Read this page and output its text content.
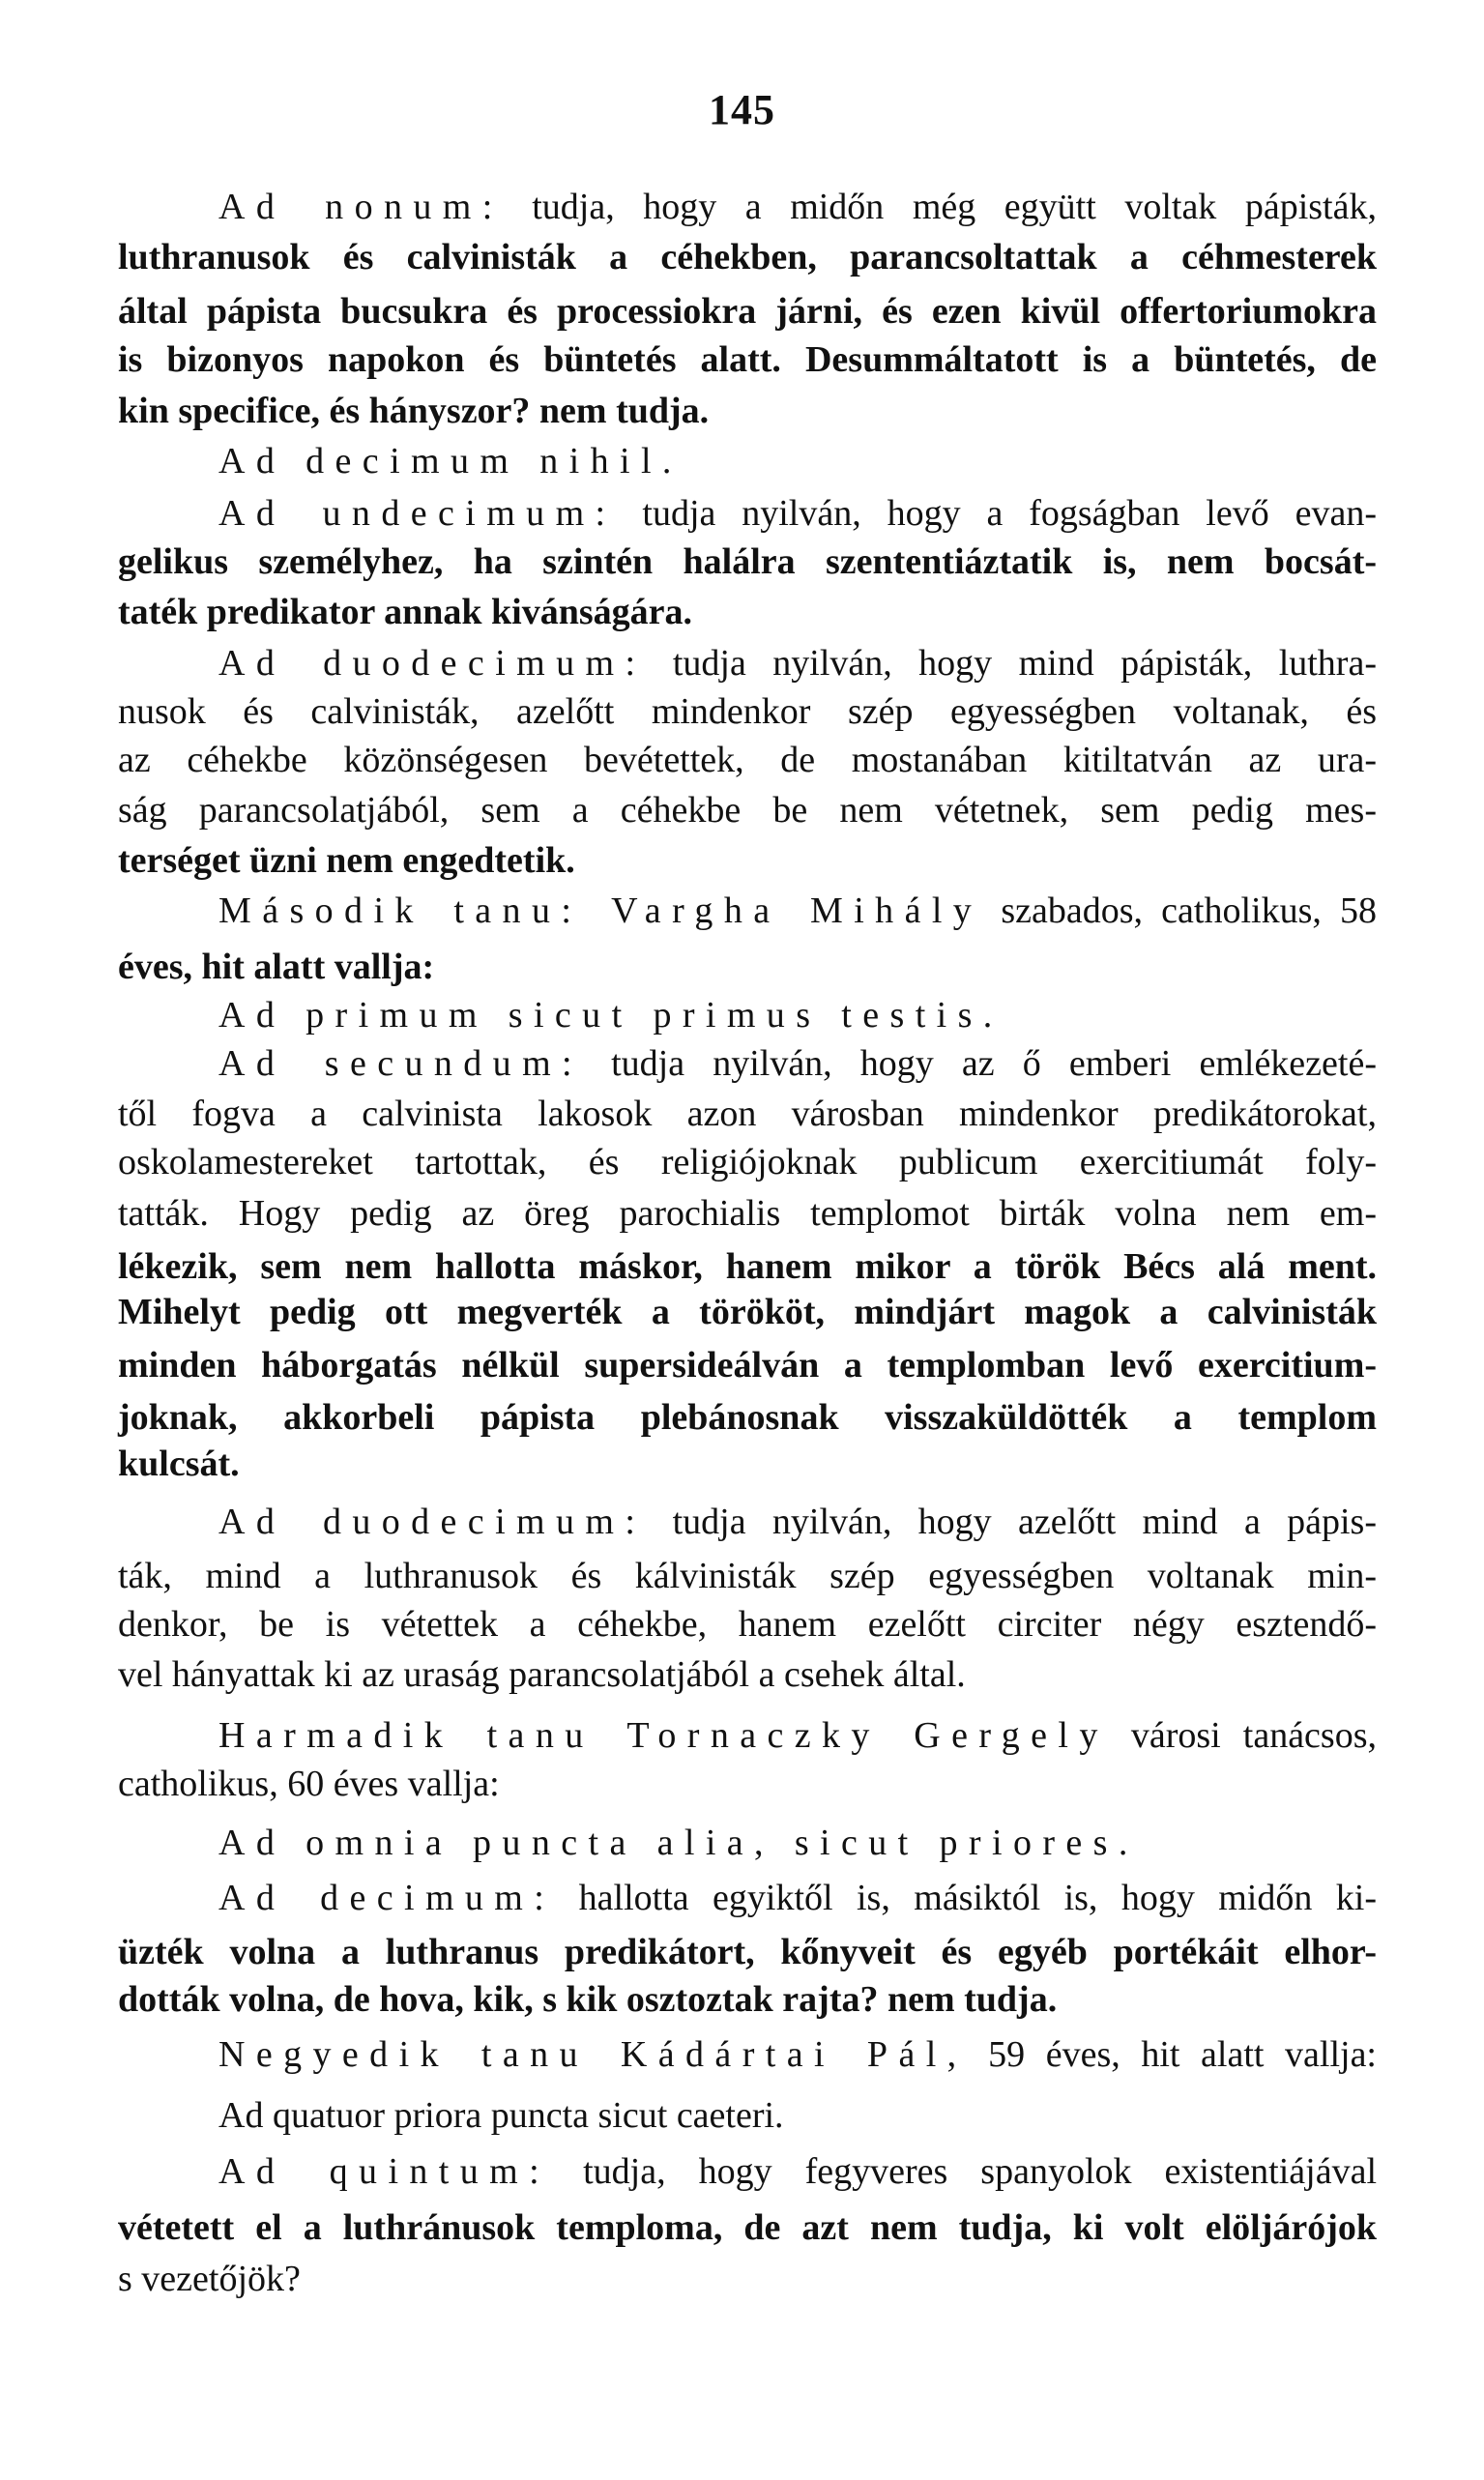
145
Ad nonum: tudja, hogy a midőn még együtt voltak pápisták,
luthranusok és calvinisták a céhekben, parancsoltattak a céhmesterek
által pápista bucsukra és processiokra járni, és ezen kivül offertoriumokra
is bizonyos napokon és büntetés alatt. Desummáltatott is a büntetés, de
kin specifice, és hányszor? nem tudja.
Ad decimum nihil.
Ad undecimum: tudja nyilván, hogy a fogságban levő evan-
gelikus személyhez, ha szintén halálra szententiáztatik is, nem bocsát-
taték predikator annak kivánságára.
Ad duodecimum: tudja nyilván, hogy mind pápisták, luthra-
nusok és calvinisták, azelőtt mindenkor szép egyességben voltanak, és
az céhekbe közönségesen bevétettek, de mostanában kitiltatván az ura-
ság parancsolatjából, sem a céhekbe be nem vétetnek, sem pedig mes-
terséget üzni nem engedtetik.
Második tanu: Vargha Mihály szabados, catholikus, 58
éves, hit alatt vallja:
Ad primum sicut primus testis.
Ad secundum: tudja nyilván, hogy az ő emberi emlékezeté-
től fogva a calvinista lakosok azon városban mindenkor predikátorokat,
oskolamestereket tartottak, és religiójoknak publicum exercitiumát foly-
tatták. Hogy pedig az öreg parochialis templomot birták volna nem em-
lékezik, sem nem hallotta máskor, hanem mikor a török Bécs alá ment.
Mihelyt pedig ott megverték a törököt, mindjárt magok a calvinisták
minden háborgatás nélkül supersideálván a templomban levő exercitium-
joknak, akkorbeli pápista plebánosnak visszaküldötték a templom
kulcsát.
Ad duodecimum: tudja nyilván, hogy azelőtt mind a pápis-
ták, mind a luthranusok és kálvinisták szép egyességben voltanak min-
denkor, be is vétettek a céhekbe, hanem ezelőtt circiter négy esztendő-
vel hányattak ki az uraság parancsolatjából a csehek által.
Harmadik tanu Tornaczky Gergely városi tanácsos,
catholikus, 60 éves vallja:
Ad omnia puncta alia, sicut priores.
Ad decimum: hallotta egyiktől is, másiktól is, hogy midőn ki-
üzték volna a luthranus predikátort, kőnyveit és egyéb portékáit elhor-
dották volna, de hova, kik, s kik osztoztak rajta? nem tudja.
Negyedik tanu Kádártai Pál, 59 éves, hit alatt vallja:
Ad quatuor priora puncta sicut caeteri.
Ad quintum: tudja, hogy fegyveres spanyolok existentiájával
vétetett el a luthránusok temploma, de azt nem tudja, ki volt elöljárójok
s vezetőjök?
